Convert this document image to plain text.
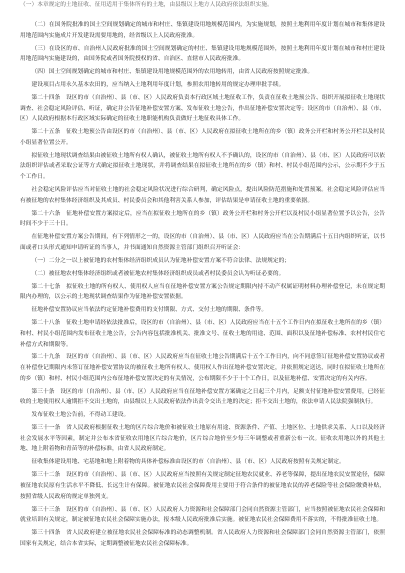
（一）本章规定的土地征收、征用适用于集体所有的土地，由县级以上地方人民政府依法组织实施。

（二）在国务院批准的国土空间规划确定的城市和村庄、集镇建设用地规模范围内，为实施规划，按照土地利用年度计划在城市和集体建设用地范围内实施成片开发建设需要用地的，经省级以上人民政府批准。

（三）在设区的市、自治州人民政府批准的国土空间规划确定的村庄、集镇建设用地规模范围外，按照土地利用年度计划在城市和村庄建设用地范围内实施建设的，由国务院或者国务院授权的省、自治区、直辖市人民政府批准。

（四）国土空间规划确定的城市和村庄、集镇建设用地规模范围外的农用地转用，由省人民政府按照规定批准。

建设项目占用永久基本农田的，应当纳入土地利用年度计划，参照农用地转用的规定办理审批手续。

第二十四条　设区的市（自治州）、县（市、区）人民政府负责本行政区域土地征收工作，负责在征收土地预公告、组织开展拟征收土地现状调查、社会稳定风险评估、听证，确定并公告征地补偿安置方案、发布征收土地公告，作出征地补偿安置决定等；设区的市（自治州）、县（市、区）人民政府根据本行政区域实际确定的征收土地职能机构负责做好土地征收具体工作。

第二十五条　征收土地预公告由设区的市（自治州）、县（市、区）人民政府在拟征收土地所在的乡（镇）政务公开栏和村务公开栏以及村民小组显著位置公开。

拟征收土地现状调查结果由被征收土地所有权人确认，被征收土地所有权人不予确认的，设区的市（自治州）、县（市、区）人民政府可以依法组织评估或者采取公证等方式确定拟征收土地现状，并将调查结果在拟征收土地所在的乡（镇）和村、村民小组范围内公示，公示期不少于五个工作日。

社会稳定风险评估应当对征收土地的社会稳定风险状况进行综合研判，确定风险点，提出风险防范措施和处置预案。社会稳定风险评估应当有被征地的农村集体经济组织及其成员、村民委员会和其他利害关系人参加，评估结果是申请征收土地的重要依据。

第二十六条　征地补偿安置方案拟定后，应当在拟征收土地所在的乡（镇）政务公开栏和村务公开栏以及村民小组显著位置予以公告，公告时间不少于三十日。

在征地补偿安置方案公告期间，有下列情形之一的，设区的市（自治州）、县（市、区）人民政府应当在公告期满后十五日内组织听证，以书面或者口头形式通知申请听证的当事人，并书面通知自然资源主管部门组织召开听证会：

（一）二分之一以上被征地的农村集体经济组织成员认为征地补偿安置方案不符合法律、法规规定的；

（二）被征地农村集体经济组织或者被征地农村集体经济组织成员或者村民委员会认为听证必要的。

第二十七条　拟征收土地的所有权人、使用权人应当在征地补偿安置方案公告规定期限内持不动产权属证明材料办理补偿登记，未在规定期限内办理的，以公示的土地现状调查结果作为征地补偿安置依据。

征地补偿安置协议应当依法约定征地补偿费用的支付期限、方式、交付土地的期限、条件等。

第二十八条　征收土地申请经依法批准后，设区的市（自治州）、县（市、区）人民政府应当在十五个工作日内在拟征收土地所在的乡（镇）和村、村民小组范围内发布征收土地公告，公告内容包括批准机关、批准文号、征收土地的用途、范围、面积以及征地补偿标准、农村村民住宅补偿方式和期限等。

第二十九条　设区的市（自治州）、县（市、区）人民政府应当在征收土地公告期满后十五个工作日内，向不同意签订征地补偿安置协议或者在补偿登记期限内未签订征地补偿安置协议的被征收土地所有权人、使用权人作出征地补偿安置决定，并依照规定送达，同时在拟征收土地所在的乡（镇）和村、村民小组范围内公布征地补偿安置决定的有关情况，公布期限不少于十个工作日，以及征地补偿、安置决定的有关内容。

第三十条　设区的市（自治州）、县（市、区）人民政府应当在征地补偿安置方案确定之日起三个月内，足额支付征地补偿安置费用，已经征收的土地使用权人逾期拒不交出土地的，由县级以上人民政府依法作出责令交出土地的决定；拒不交出土地的，依法申请人民法院强制执行。

发布征收土地公告前，不得动工建设。

第三十一条　省人民政府根据征收土地的区片综合地价和被征收土地原有用途、资源条件、产值、土地区位、土地供求关系、人口以及经济社会发展水平等因素，制定并公布本省征收农用地区片综合地价，区片综合地价至少每三年调整或者重新公布一次。征收农用地以外的其他土地、地上附着物和青苗等的补偿标准，由省人民政府制定。

征收集体建设用地、宅基地和地上附着物的具体补偿标准由设区的市（自治州）、县（市、区）人民政府按照有关规定制定。

第三十二条　设区的市（自治州）、县（市、区）人民政府应当按照有关规定制定征地农民就业、养老等保障，提出征地农民安置途径，保障被征地农民原有生活水平不降低、长远生计有保障。被征地农民社会保障费用主要用于符合条件的被征地农民的养老保险等社会保险缴费补贴，按照省级人民政府的规定单独列支。

第三十三条　设区的市（自治州）、县（市、区）人民政府人力资源和社会保障部门会同自然资源主管部门，应当按照被征地农民社会保障和就业培训有关规定，制定被征地农民社会保障实施办法，报本级人民政府批准后实施。被征地农民社会保障费用不落实的，不得批准征收土地。

第三十四条　省人民政府建立被征地农民社会保障标准的动态调整机制。省人民政府人力资源和社会保障部门会同自然资源主管部门，依照国家有关规定，结合本省实际，定期调整被征地农民社会保障标准。
